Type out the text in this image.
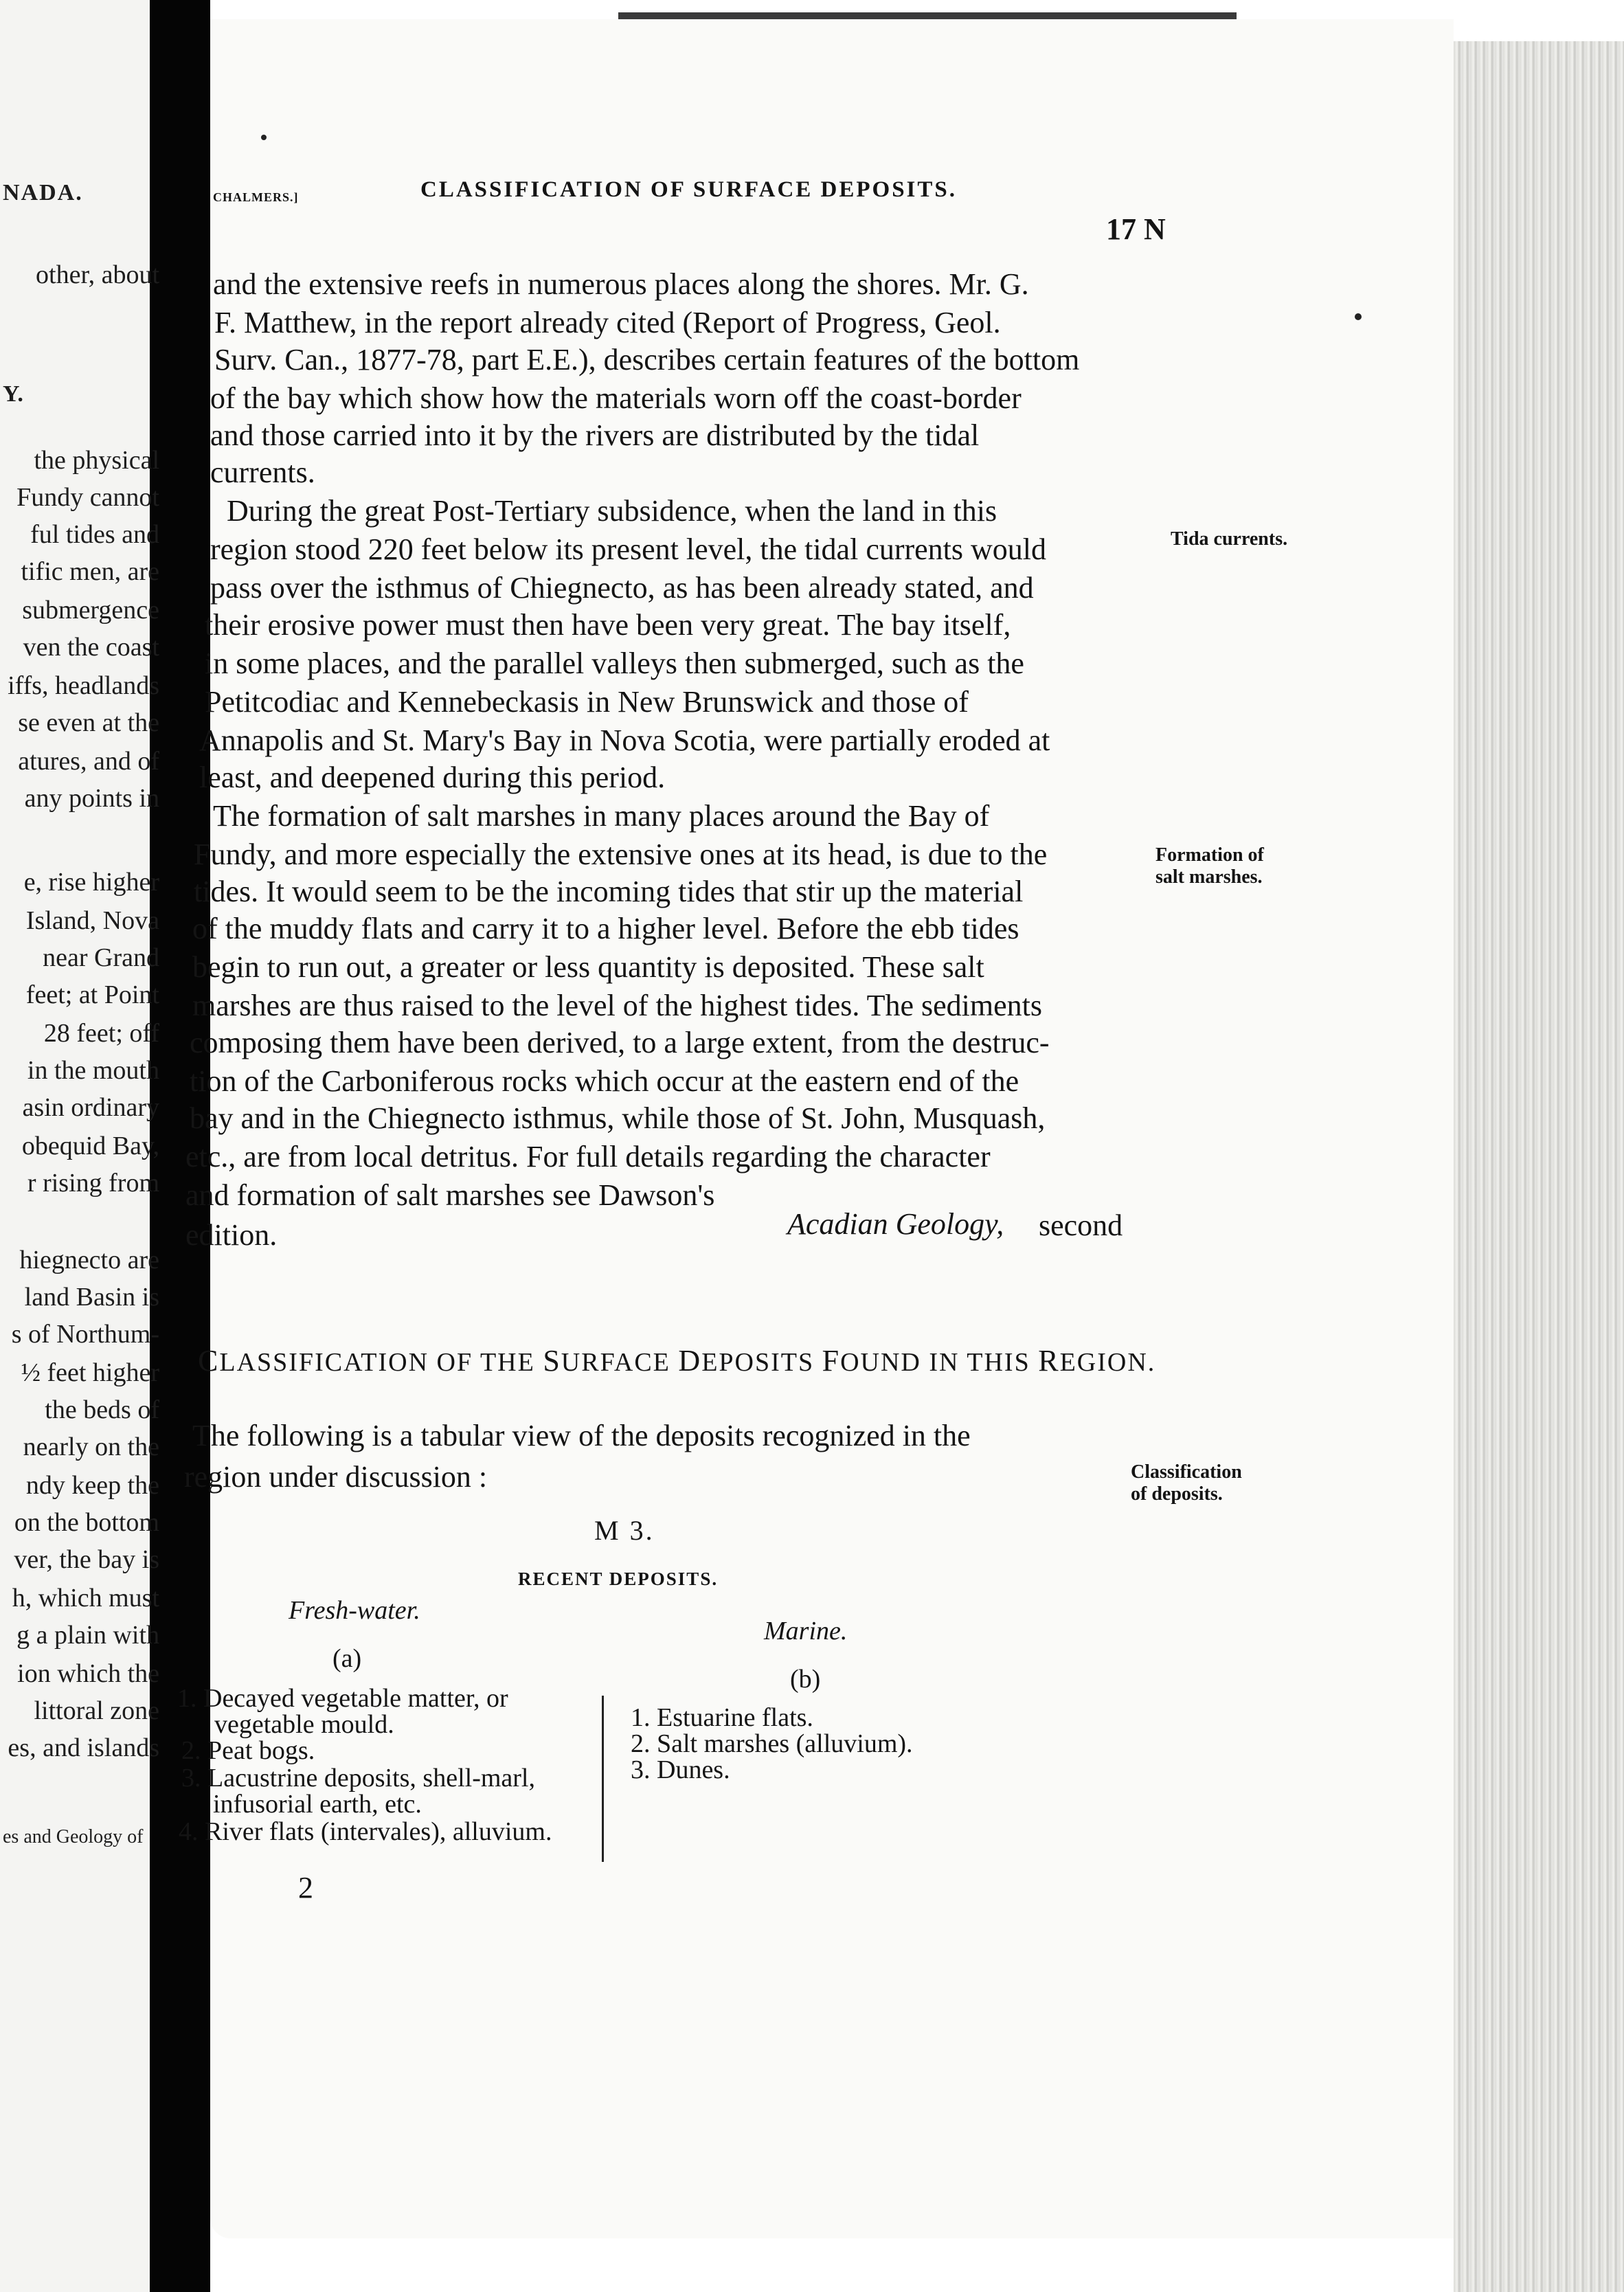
NADA.
Y.
es and Geology of
other, about
the physical
Fundy cannot
ful tides and
tific men, are
submergence
ven the coast
iffs, headlands
se even at the
atures, and of
any points in
e, rise higher
Island, Nova
near Grand
feet; at Point
28 feet; off
in the mouth
asin ordinary
obequid Bay,
r rising from
hiegnecto are
land Basin is
s of Northum-
½ feet higher
the beds of
nearly on the
ndy keep the
on the bottom
ver, the bay is
h, which must
g a plain with
ion which the
littoral zone
es, and islands
CHALMERS.]	CLASSIFICATION OF SURFACE DEPOSITS.
17 N
and the extensive reefs in numerous places along the shores. Mr. G.
F. Matthew, in the report already cited (Report of Progress, Geol.
Surv. Can., 1877-78, part E.E.), describes certain features of the bottom
of the bay which show how the materials worn off the coast-border
and those carried into it by the rivers are distributed by the tidal
currents.
During the great Post-Tertiary subsidence, when the land in this
region stood 220 feet below its present level, the tidal currents would
pass over the isthmus of Chiegnecto, as has been already stated, and
their erosive power must then have been very great. The bay itself,
in some places, and the parallel valleys then submerged, such as the
Petitcodiac and Kennebeckasis in New Brunswick and those of
Annapolis and St. Mary's Bay in Nova Scotia, were partially eroded at
least, and deepened during this period.
The formation of salt marshes in many places around the Bay of
Fundy, and more especially the extensive ones at its head, is due to the
tides. It would seem to be the incoming tides that stir up the material
of the muddy flats and carry it to a higher level. Before the ebb tides
begin to run out, a greater or less quantity is deposited. These salt
marshes are thus raised to the level of the highest tides. The sediments
composing them have been derived, to a large extent, from the destruc-
tion of the Carboniferous rocks which occur at the eastern end of the
bay and in the Chiegnecto isthmus, while those of St. John, Musquash,
etc., are from local detritus. For full details regarding the character
and formation of salt marshes see Dawson's
edition.	Acadian Geology, second
Tida currents.
Formation of
salt marshes.
Classification
of deposits.
CLASSIFICATION OF THE SURFACE DEPOSITS FOUND IN THIS REGION.
The following is a tabular view of the deposits recognized in the
region under discussion :
M 3.
RECENT DEPOSITS.
Fresh-water.
(a)
Marine.
(b)
1. Decayed vegetable matter, or
vegetable mould.
2. Peat bogs.
3. Lacustrine deposits, shell-marl,
infusorial earth, etc.
4. River flats (intervales), alluvium.
1. Estuarine flats.
2. Salt marshes (alluvium).
3. Dunes.
2
